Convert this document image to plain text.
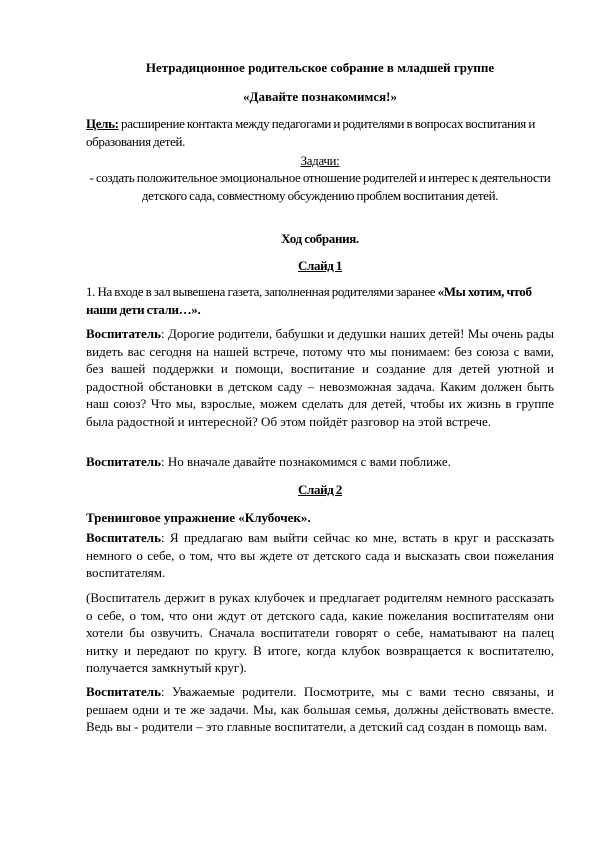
Нетрадиционное родительское собрание в младшей группе
«Давайте познакомимся!»
Цель: расширение контакта между педагогами и родителями в вопросах воспитания и образования детей.
Задачи:
- создать положительное эмоциональное отношение родителей и интерес к деятельности детского сада, совместному обсуждению проблем воспитания детей.
Ход собрания.
Слайд 1
1. На входе в зал вывешена газета, заполненная родителями заранее «Мы хотим, чтоб наши дети стали…».
Воспитатель: Дорогие родители, бабушки и дедушки наших детей! Мы очень рады видеть вас сегодня на нашей встрече, потому что мы понимаем: без союза с вами, без вашей поддержки и помощи, воспитание и создание для детей уютной и радостной обстановки в детском саду – невозможная задача. Каким должен быть наш союз? Что мы, взрослые, можем сделать для детей, чтобы их жизнь в группе была радостной и интересной? Об этом пойдёт разговор на этой встрече.
Воспитатель: Но вначале давайте познакомимся с вами поближе.
Слайд 2
Тренинговое упражнение «Клубочек».
Воспитатель: Я предлагаю вам выйти сейчас ко мне, встать в круг и рассказать немного о себе, о том, что вы ждете от детского сада и высказать свои пожелания воспитателям.
(Воспитатель держит в руках клубочек и предлагает родителям немного рассказать о себе, о том, что они ждут от детского сада, какие пожелания воспитателям они хотели бы озвучить. Сначала воспитатели говорят о себе, наматывают на палец нитку и передают по кругу. В итоге, когда клубок возвращается к воспитателю, получается замкнутый круг).
Воспитатель: Уважаемые родители. Посмотрите, мы с вами тесно связаны, и решаем одни и те же задачи. Мы, как большая семья, должны действовать вместе. Ведь вы - родители – это главные воспитатели, а детский сад создан в помощь вам.
